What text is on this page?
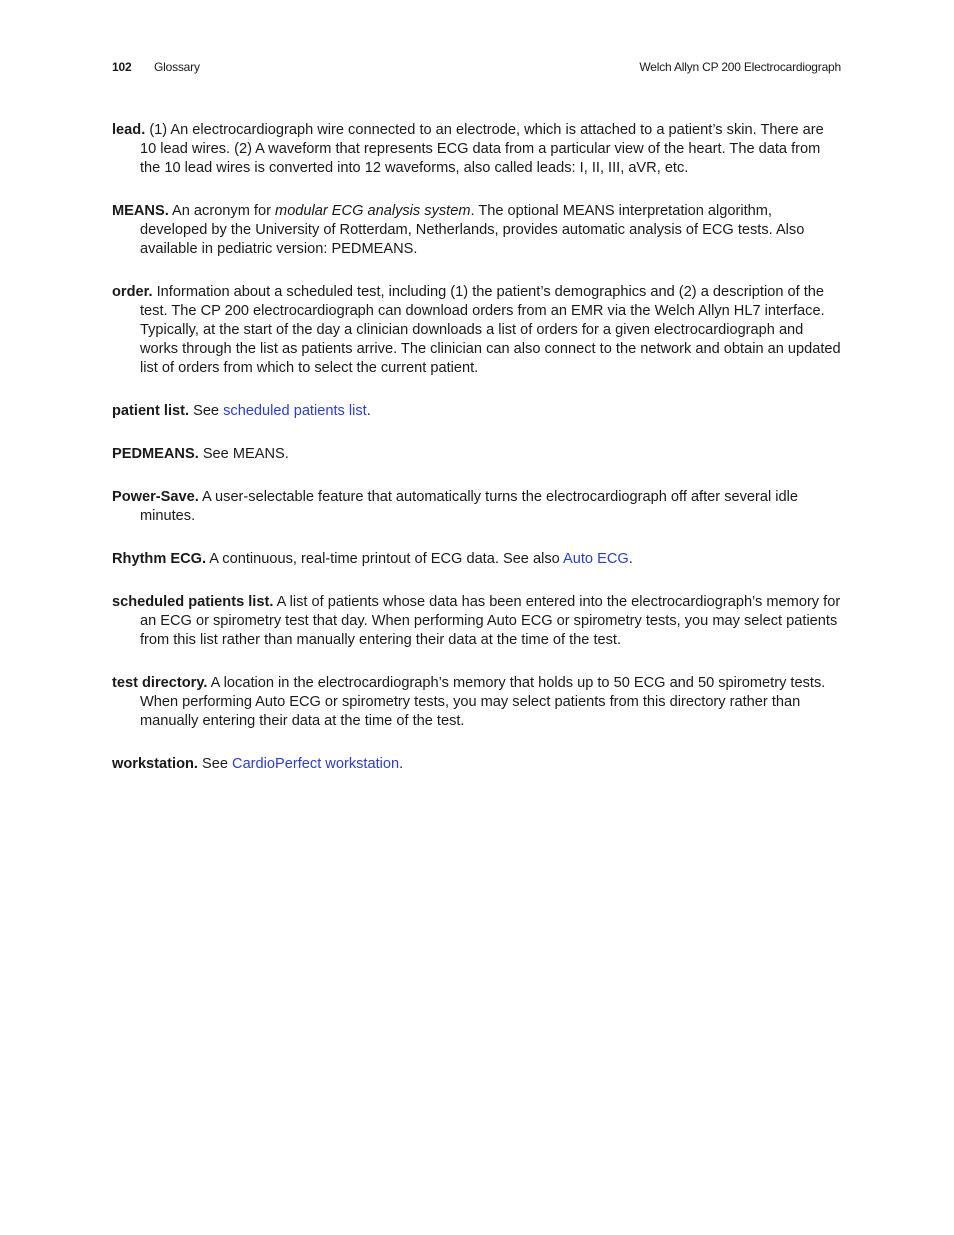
102 Glossary	Welch Allyn CP 200 Electrocardiograph

lead. (1) An electrocardiograph wire connected to an electrode, which is attached to a patient’s skin. There are 10 lead wires. (2) A waveform that represents ECG data from a particular view of the heart. The data from the 10 lead wires is converted into 12 waveforms, also called leads: I, II, III, aVR, etc.

MEANS. An acronym for modular ECG analysis system. The optional MEANS interpretation algorithm, developed by the University of Rotterdam, Netherlands, provides automatic analysis of ECG tests. Also available in pediatric version: PEDMEANS.

order. Information about a scheduled test, including (1) the patient’s demographics and (2) a description of the test. The CP 200 electrocardiograph can download orders from an EMR via the Welch Allyn HL7 interface. Typically, at the start of the day a clinician downloads a list of orders for a given electrocardiograph and works through the list as patients arrive. The clinician can also connect to the network and obtain an updated list of orders from which to select the current patient.

patient list. See scheduled patients list.

PEDMEANS. See MEANS.

Power-Save. A user-selectable feature that automatically turns the electrocardiograph off after several idle minutes.

Rhythm ECG. A continuous, real-time printout of ECG data. See also Auto ECG.

scheduled patients list. A list of patients whose data has been entered into the electrocardiograph’s memory for an ECG or spirometry test that day. When performing Auto ECG or spirometry tests, you may select patients from this list rather than manually entering their data at the time of the test.

test directory. A location in the electrocardiograph’s memory that holds up to 50 ECG and 50 spirometry tests. When performing Auto ECG or spirometry tests, you may select patients from this directory rather than manually entering their data at the time of the test.

workstation. See CardioPerfect workstation.
